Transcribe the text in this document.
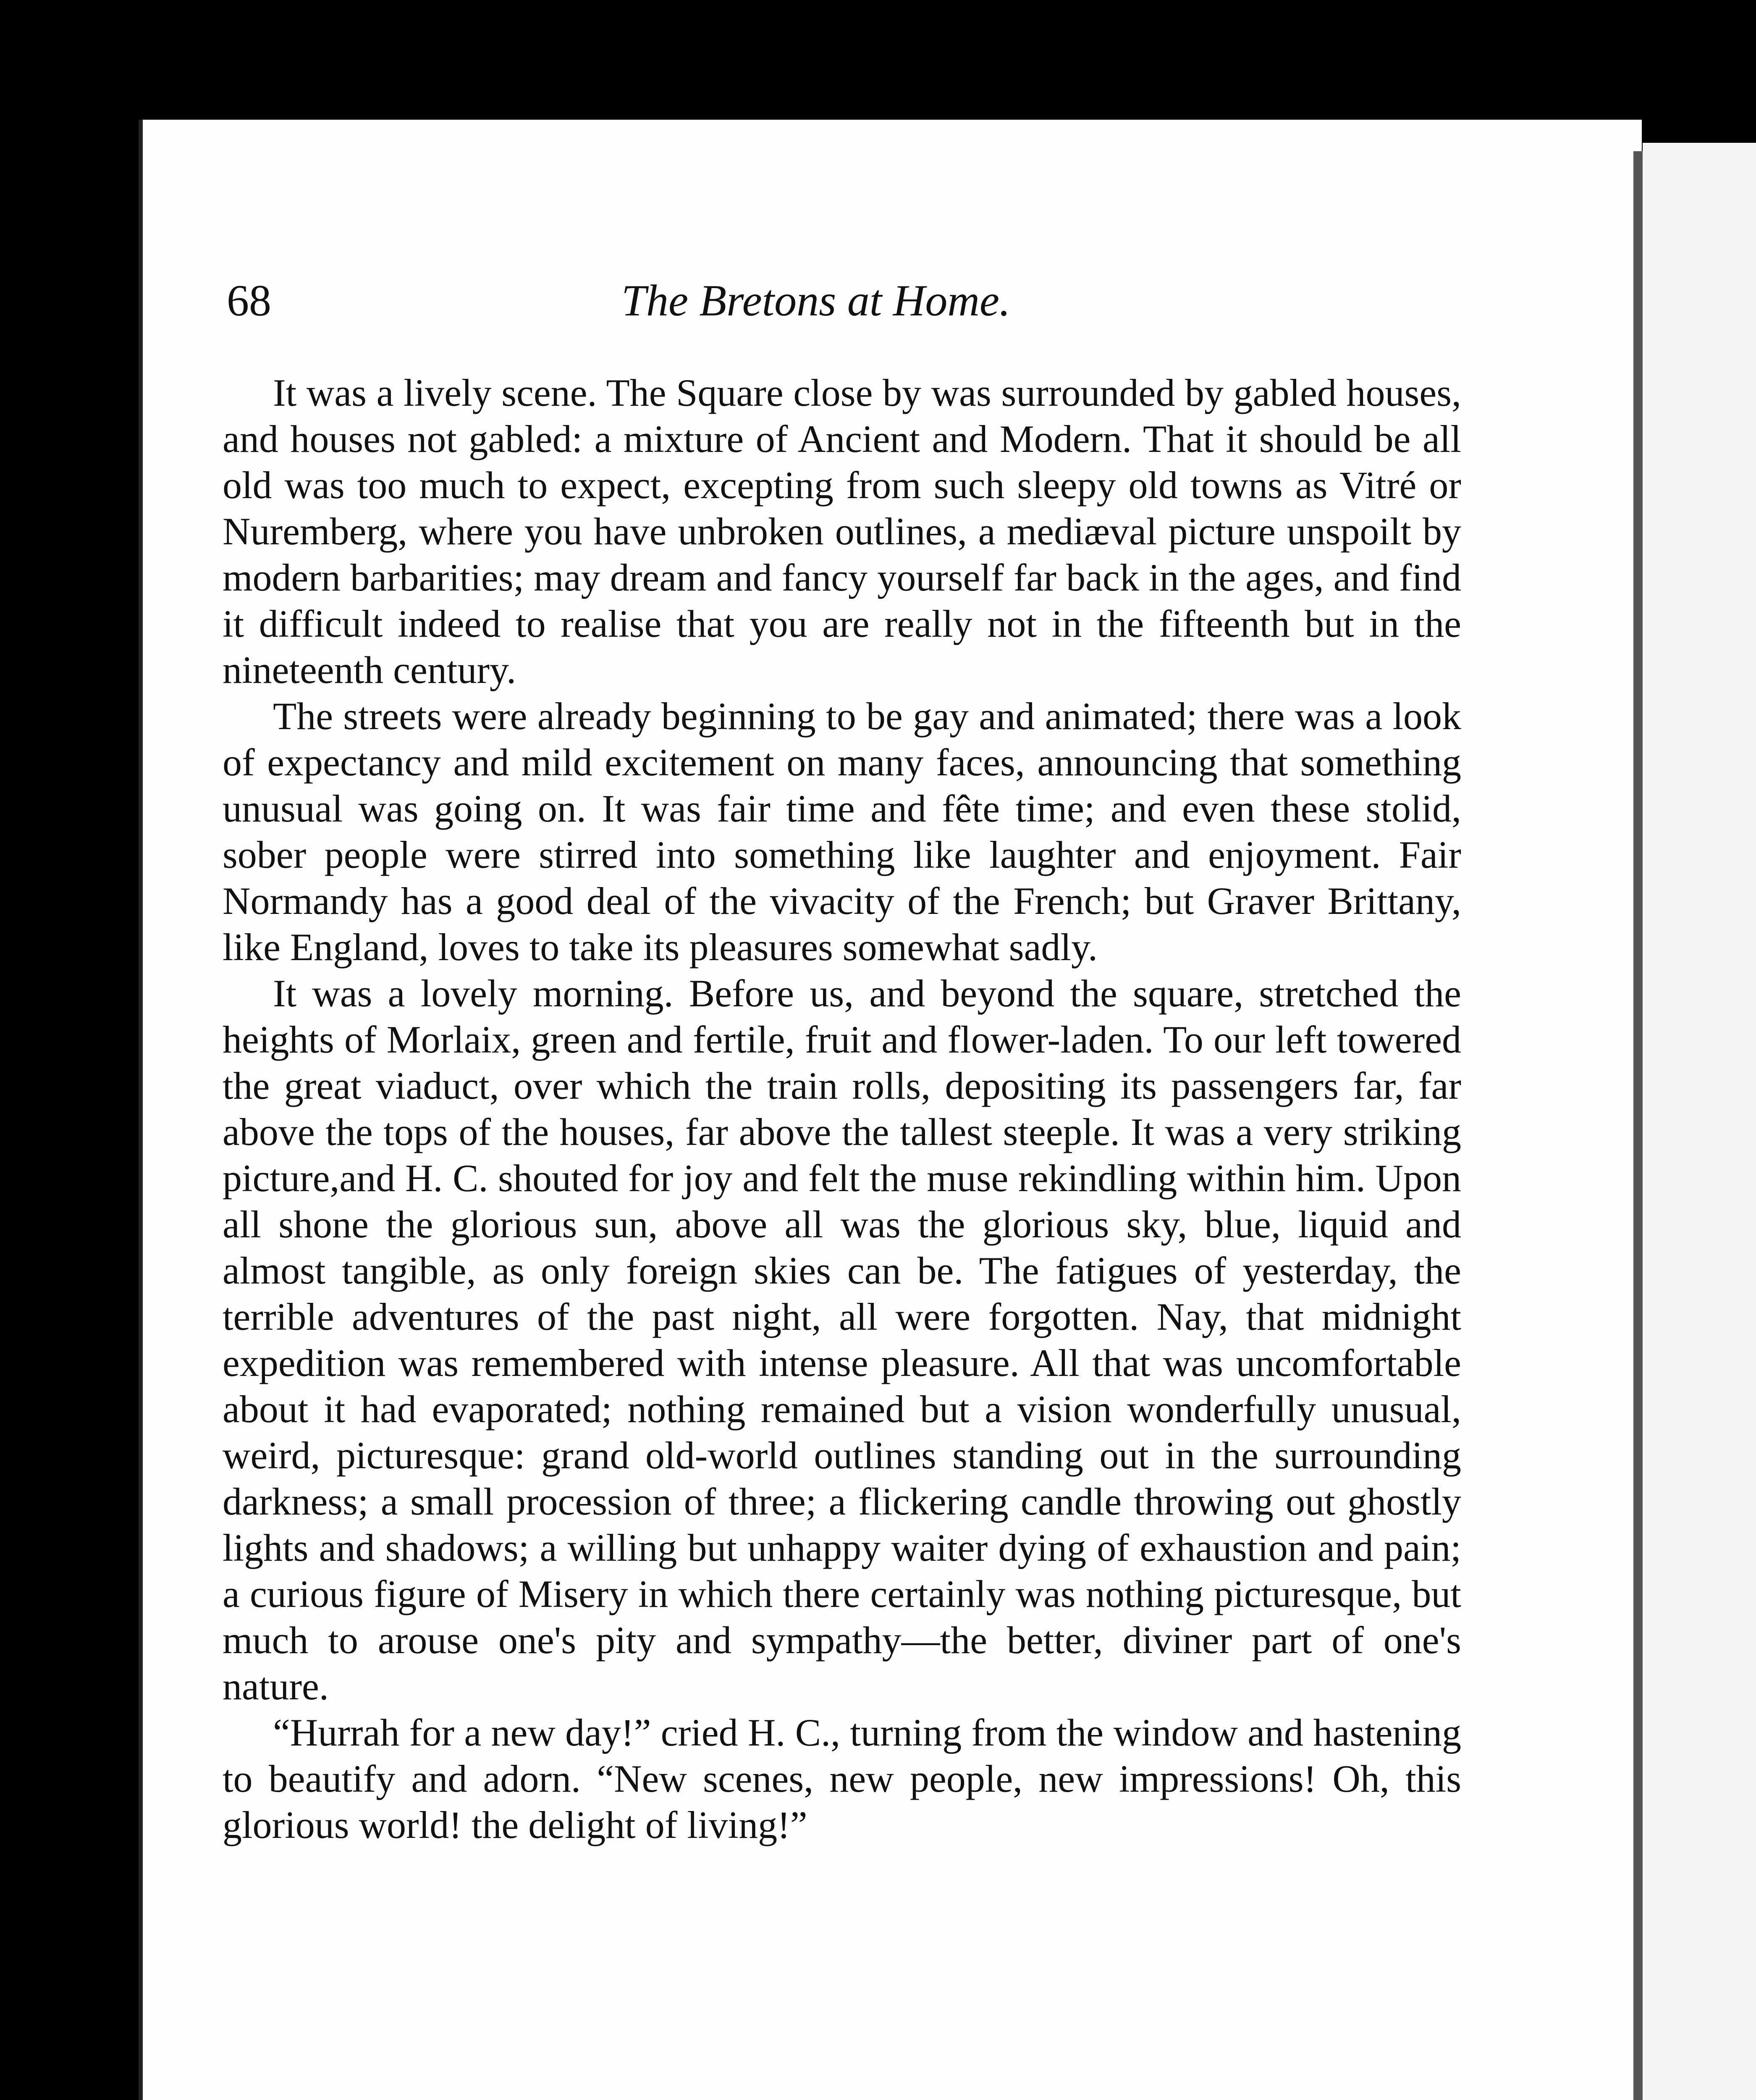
68	The Bretons at Home.

It was a lively scene. The Square close by was surrounded by gabled houses, and houses not gabled: a mixture of Ancient and Modern. That it should be all old was too much to expect, excepting from such sleepy old towns as Vitré or Nuremberg, where you have unbroken outlines, a mediæval picture unspoilt by modern barbarities; may dream and fancy yourself far back in the ages, and find it difficult indeed to realise that you are really not in the fifteenth but in the nineteenth century.

The streets were already beginning to be gay and animated; there was a look of expectancy and mild excitement on many faces, announcing that something unusual was going on. It was fair time and fête time; and even these stolid, sober people were stirred into something like laughter and enjoyment. Fair Normandy has a good deal of the vivacity of the French; but Graver Brittany, like England, loves to take its pleasures somewhat sadly.

It was a lovely morning. Before us, and beyond the square, stretched the heights of Morlaix, green and fertile, fruit and flower-laden. To our left towered the great viaduct, over which the train rolls, depositing its passengers far, far above the tops of the houses, far above the tallest steeple. It was a very striking picture,and H. C. shouted for joy and felt the muse rekindling within him. Upon all shone the glorious sun, above all was the glorious sky, blue, liquid and almost tangible, as only foreign skies can be. The fatigues of yesterday, the terrible adventures of the past night, all were forgotten. Nay, that midnight expedition was remembered with intense pleasure. All that was uncomfortable about it had evaporated; nothing remained but a vision wonderfully unusual, weird, picturesque: grand old-world outlines standing out in the surrounding darkness; a small procession of three; a flickering candle throwing out ghostly lights and shadows; a willing but unhappy waiter dying of exhaustion and pain; a curious figure of Misery in which there certainly was nothing picturesque, but much to arouse one's pity and sympathy—the better, diviner part of one's nature.

“Hurrah for a new day!” cried H. C., turning from the window and hastening to beautify and adorn. “New scenes, new people, new impressions! Oh, this glorious world! the delight of living!”
